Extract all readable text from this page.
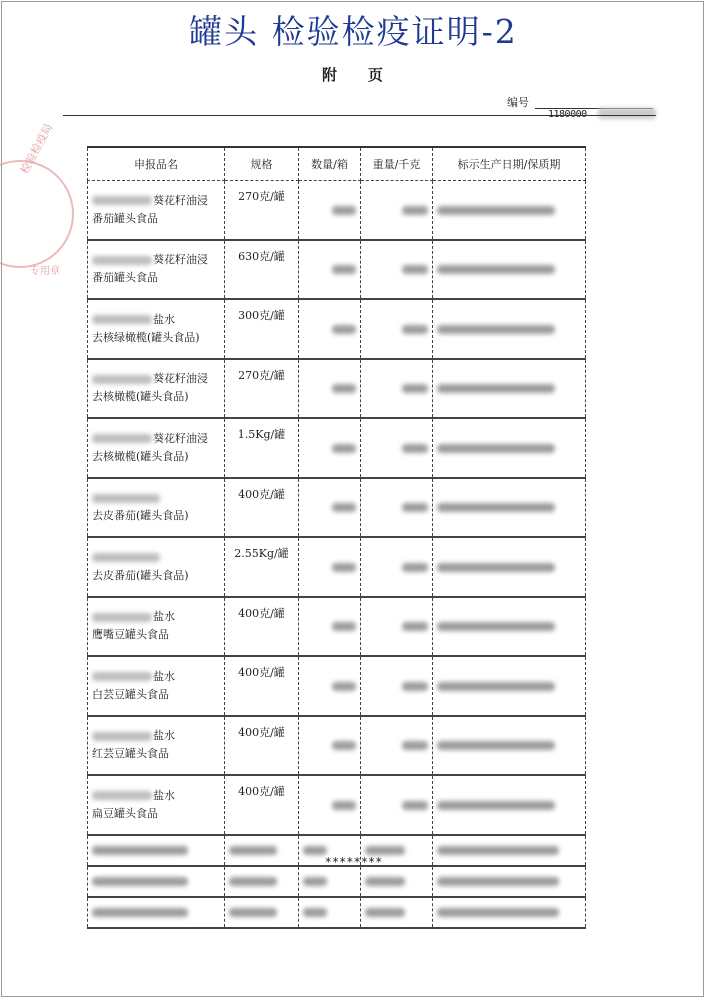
罐头 检验检疫证明-2
附    页
编号
1180000
检验检疫局
专用章
申报品名	规格	数量/箱	重量/千克	标示生产日期/保质期

葵花籽油浸
番茄罐头食品	270克/罐			

葵花籽油浸
番茄罐头食品	630克/罐			

盐水
去核绿橄榄(罐头食品)	300克/罐			

葵花籽油浸
去核橄榄(罐头食品)	270克/罐			

葵花籽油浸
去核橄榄(罐头食品)	1.5Kg/罐			

去皮番茄(罐头食品)	400克/罐			

去皮番茄(罐头食品)	2.55Kg/罐			

盐水
鹰嘴豆罐头食品	400克/罐			

盐水
白芸豆罐头食品	400克/罐			

盐水
红芸豆罐头食品	400克/罐			

盐水
扁豆罐头食品	400克/罐			

********
